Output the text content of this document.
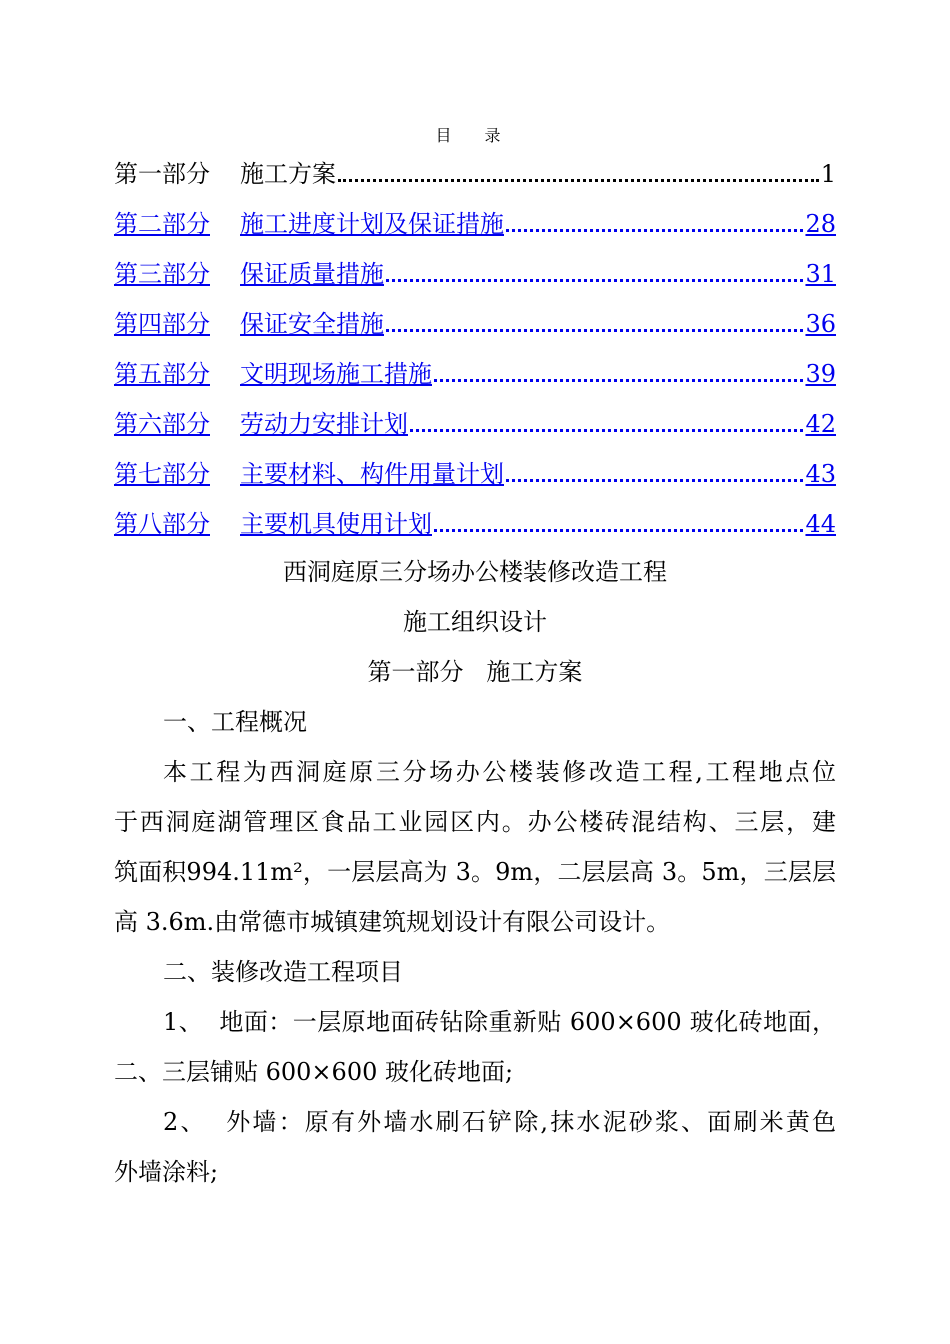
目 录
第一部分 施工方案	1
第二部分 施工进度计划及保证措施	28
第三部分 保证质量措施	31
第四部分 保证安全措施	36
第五部分 文明现场施工措施	39
第六部分 劳动力安排计划	42
第七部分 主要材料、构件用量计划	43
第八部分 主要机具使用计划	44
西洞庭原三分场办公楼装修改造工程
施工组织设计
第一部分   施工方案
一、工程概况
本工程为西洞庭原三分场办公楼装修改造工程,工程地点位
于西洞庭湖管理区食品工业园区内。办公楼砖混结构、三层，建
筑面积994.11m²，一层层高为 3。9m，二层层高 3。5m，三层层
高 3.6m.由常德市城镇建筑规划设计有限公司设计。
二、装修改造工程项目
1、  地面：一层原地面砖钻除重新贴 600×600 玻化砖地面，
二、三层铺贴 600×600 玻化砖地面;
2、  外墙：原有外墙水刷石铲除,抹水泥砂浆、面刷米黄色
外墙涂料;
